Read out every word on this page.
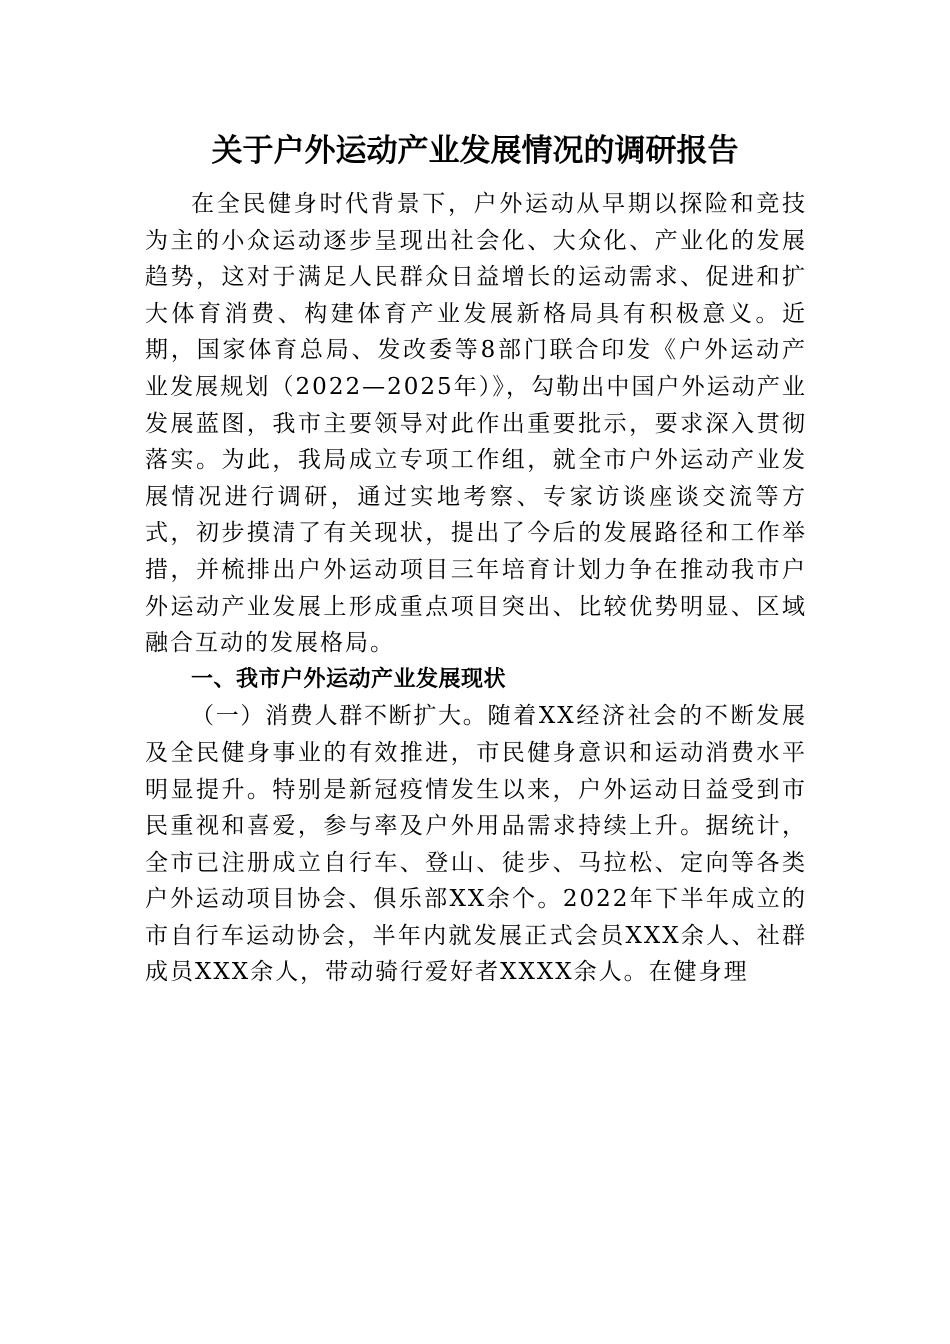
关于户外运动产业发展情况的调研报告

在全民健身时代背景下，户外运动从早期以探险和竞技为主的小众运动逐步呈现出社会化、大众化、产业化的发展趋势，这对于满足人民群众日益增长的运动需求、促进和扩大体育消费、构建体育产业发展新格局具有积极意义。近期，国家体育总局、发改委等8部门联合印发《户外运动产业发展规划（2022—2025年）》，勾勒出中国户外运动产业发展蓝图，我市主要领导对此作出重要批示，要求深入贯彻落实。为此，我局成立专项工作组，就全市户外运动产业发展情况进行调研，通过实地考察、专家访谈座谈交流等方式，初步摸清了有关现状，提出了今后的发展路径和工作举措，并梳排出户外运动项目三年培育计划力争在推动我市户外运动产业发展上形成重点项目突出、比较优势明显、区域融合互动的发展格局。

一、我市户外运动产业发展现状

（一）消费人群不断扩大。随着XX经济社会的不断发展及全民健身事业的有效推进，市民健身意识和运动消费水平明显提升。特别是新冠疫情发生以来，户外运动日益受到市民重视和喜爱，参与率及户外用品需求持续上升。据统计，全市已注册成立自行车、登山、徒步、马拉松、定向等各类户外运动项目协会、俱乐部XX余个。2022年下半年成立的市自行车运动协会，半年内就发展正式会员XXX余人、社群成员XXX余人，带动骑行爱好者XXXX余人。在健身理
